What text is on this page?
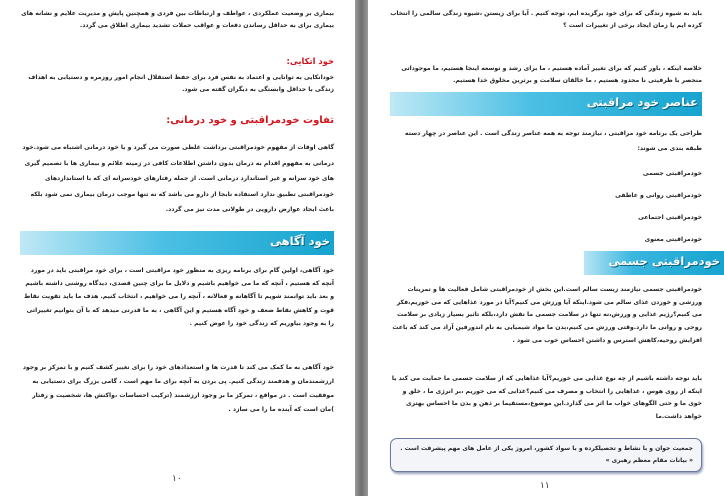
بیماری بر وضعیت عملکردی ، عواطف و ارتباطات بین فردی و همچنین پایش و مدیریت علایم و نشانه های بیماری برای به حداقل رساندن دفعات و عواقب حملات تشدید بیماری اطلاق می گردد.
خود اتکایی:
خودانکایی به توانایی و اعتماد به نفس فرد برای حفظ استقلال انجام امور روزمره و دستیابی به اهداف زندگی با حداقل وابستگی به دیگران گفته می شود.
تفاوت خودمراقبتی و خود درمانی:
گاهی اوقات از مفهوم خودمراقبتی برداشت غلطی صورت می گیرد و یا خود درمانی اشتباه می شود.خود درمانی به مفهوم اقدام به درمان بدون داشتن اطلاعات کافی در زمینه علائم و بیماری ها با تصمیم گیری های خود سرانه و غیر استاندارد درمانی است. از جمله رفتارهای خودسرانه ای که با استانداردهای خودمراقبتی تطبیق ندارد استفاده نابجا از دارو می باشد که نه تنها موجب درمان بیماری نمی شود بلکه باعث ایجاد عوارض دارویی در طولانی مدت نیز می گردد.
خود آگاهی
خود آگاهی، اولین گام برای برنامه ریزی به منظور خود مراقبتی است ، برای خود مراقبتی باید در مورد آنچه که هستیم ، آنچه که ما می خواهیم باشیم و دلایل ما برای چنین قصدی، دیدگاه روشنی داشته باشیم و بعد باید توانمند شویم تا آگاهانه و فعالانه ، آنچه را می خواهیم ، انتخاب کنیم. هدف ما باید تقویت نقاط قوت و کاهش نقاط ضعف و خود آگاه هستیم و این آگاهی ، به ما قدرتی میدهد که با آن بتوانیم تغییراتی را به وجود بیاوریم که زندگی خود را عوض کنیم .
خود آگاهی به ما کمک می کند تا قدرت ها و استعدادهای خود را برای تغییر کشف کنیم و با تمرکز بر وجود ارزشمندمان و هدفمند زندگی کنیم. پی بردن به آنچه برای ما مهم است ، گامی بزرگ برای دستیابی به موفقیت است . در مواقع ، تمرکز ما بر وجود ارزشمند (ترکیب احساسات ،واکنش ها، شخصیت و رفتار )مان است که آینده ما را می سازد .
۱۰
باید به شیوه زندگی که برای خود برگزیده ایم، توجه کنیم . آیا برای زیستن ،شیوه زندگی سالمی را انتخاب کرده ایم یا زمان ایجاد برخی از تغییرات است ؟
خلاصه اینکه ، باور کنیم که برای تغییر آماده هستیم ، ما برای رشد و توسعه اینجا هستیم، ما موجوداتی منحصر با ظرفیتی نا محدود هستیم ، ما خالقان سلامت و برترین مخلوق خدا هستیم.
عناصر خود مراقبتی
طراحی یک برنامه خود مراقبتی ، نیازمند توجه به همه عناصر زندگی است . این عناصر در چهار دسته طبقه بندی می شوند:
خودمراقبتی جسمی
خودمراقبتی روانی و عاطفی
خودمراقبتی اجتماعی
خودمراقبتی معنوی
خودمراقبتی جسمی
خودمراقبتی جسمی نیازمند زیست سالم است.این بخش از خودمراقبتی شامل فعالیت ها و تمرینات ورزشی و خوردن غذای سالم می شود.اینکه آیا ورزش می کنیم؟آیا در مورد غذاهایی که می خوریم،فکر می کنیم؟رژیم غذایی و ورزش،نه تنها در سلامت جسمی ما نقش دارد،بلکه تاثیر بسیار زیادی بر سلامت روحی و روانی ما دارد.وقتی ورزش می کنیم،بدن ما مواد شیمیایی به نام اندورفین آزاد می کند که باعث افزایش روحیه،کاهش استرس و داشتن احساس خوب می شود .
باید توجه داشته باشیم از چه نوع غذایی می خوریم؟آیا غذاهایی که از سلامت جسمی ما حمایت می کند یا اینکه از روی هوس ، غذاهایی را انتخاب و مصرف می کنیم؟غذایی که می خوریم ،بر انرژی ما ، خلق و خوی ما و حتی الگوهای خواب ما اثر می گذارد.این موضوع،مستقیما بر ذهن و بدن ما احساس بهتری خواهد داشت.ما
جمعیت جوان و با نشاط و تحصیلکرده و با سواد کشور، امروز یکی از عامل های مهم پیشرفت است . « بیانات مقام معظم رهبری »
۱۱
